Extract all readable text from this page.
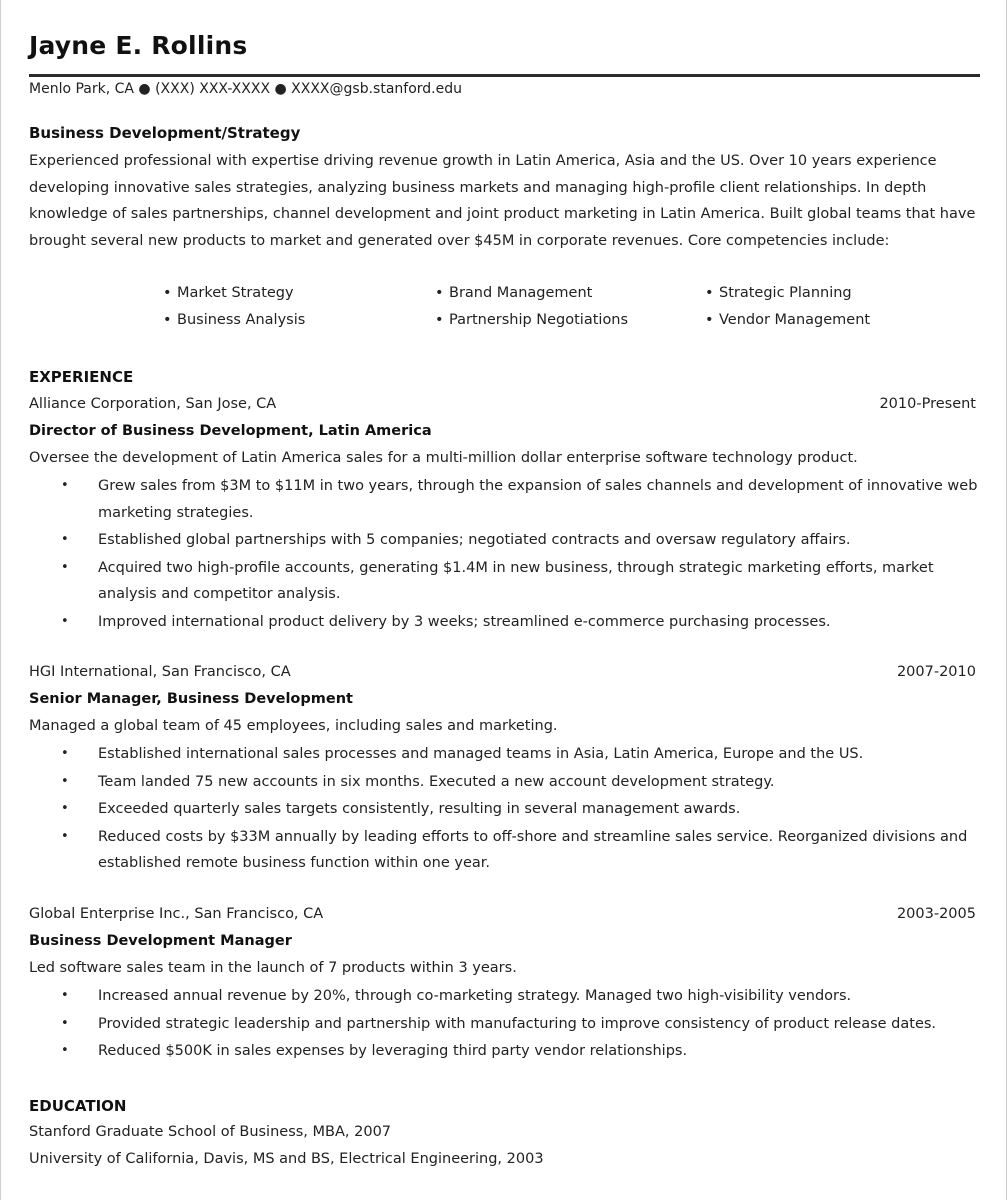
Jayne E. Rollins
Menlo Park, CA ● (XXX) XXX-XXXX ● XXXX@gsb.stanford.edu
Business Development/Strategy
Experienced professional with expertise driving revenue growth in Latin America, Asia and the US. Over 10 years experience developing innovative sales strategies, analyzing business markets and managing high-profile client relationships. In depth knowledge of sales partnerships, channel development and joint product marketing in Latin America. Built global teams that have brought several new products to market and generated over $45M in corporate revenues. Core competencies include:
• Market Strategy	• Brand Management	• Strategic Planning
• Business Analysis	• Partnership Negotiations	• Vendor Management
EXPERIENCE
Alliance Corporation, San Jose, CA	2010-Present
Director of Business Development, Latin America
Oversee the development of Latin America sales for a multi-million dollar enterprise software technology product.
• Grew sales from $3M to $11M in two years, through the expansion of sales channels and development of innovative web marketing strategies.
• Established global partnerships with 5 companies; negotiated contracts and oversaw regulatory affairs.
• Acquired two high-profile accounts, generating $1.4M in new business, through strategic marketing efforts, market analysis and competitor analysis.
• Improved international product delivery by 3 weeks; streamlined e-commerce purchasing processes.
HGI International, San Francisco, CA	2007-2010
Senior Manager, Business Development
Managed a global team of 45 employees, including sales and marketing.
• Established international sales processes and managed teams in Asia, Latin America, Europe and the US.
• Team landed 75 new accounts in six months. Executed a new account development strategy.
• Exceeded quarterly sales targets consistently, resulting in several management awards.
• Reduced costs by $33M annually by leading efforts to off-shore and streamline sales service. Reorganized divisions and established remote business function within one year.
Global Enterprise Inc., San Francisco, CA	2003-2005
Business Development Manager
Led software sales team in the launch of 7 products within 3 years.
• Increased annual revenue by 20%, through co-marketing strategy. Managed two high-visibility vendors.
• Provided strategic leadership and partnership with manufacturing to improve consistency of product release dates.
• Reduced $500K in sales expenses by leveraging third party vendor relationships.
EDUCATION
Stanford Graduate School of Business, MBA, 2007
University of California, Davis, MS and BS, Electrical Engineering, 2003
